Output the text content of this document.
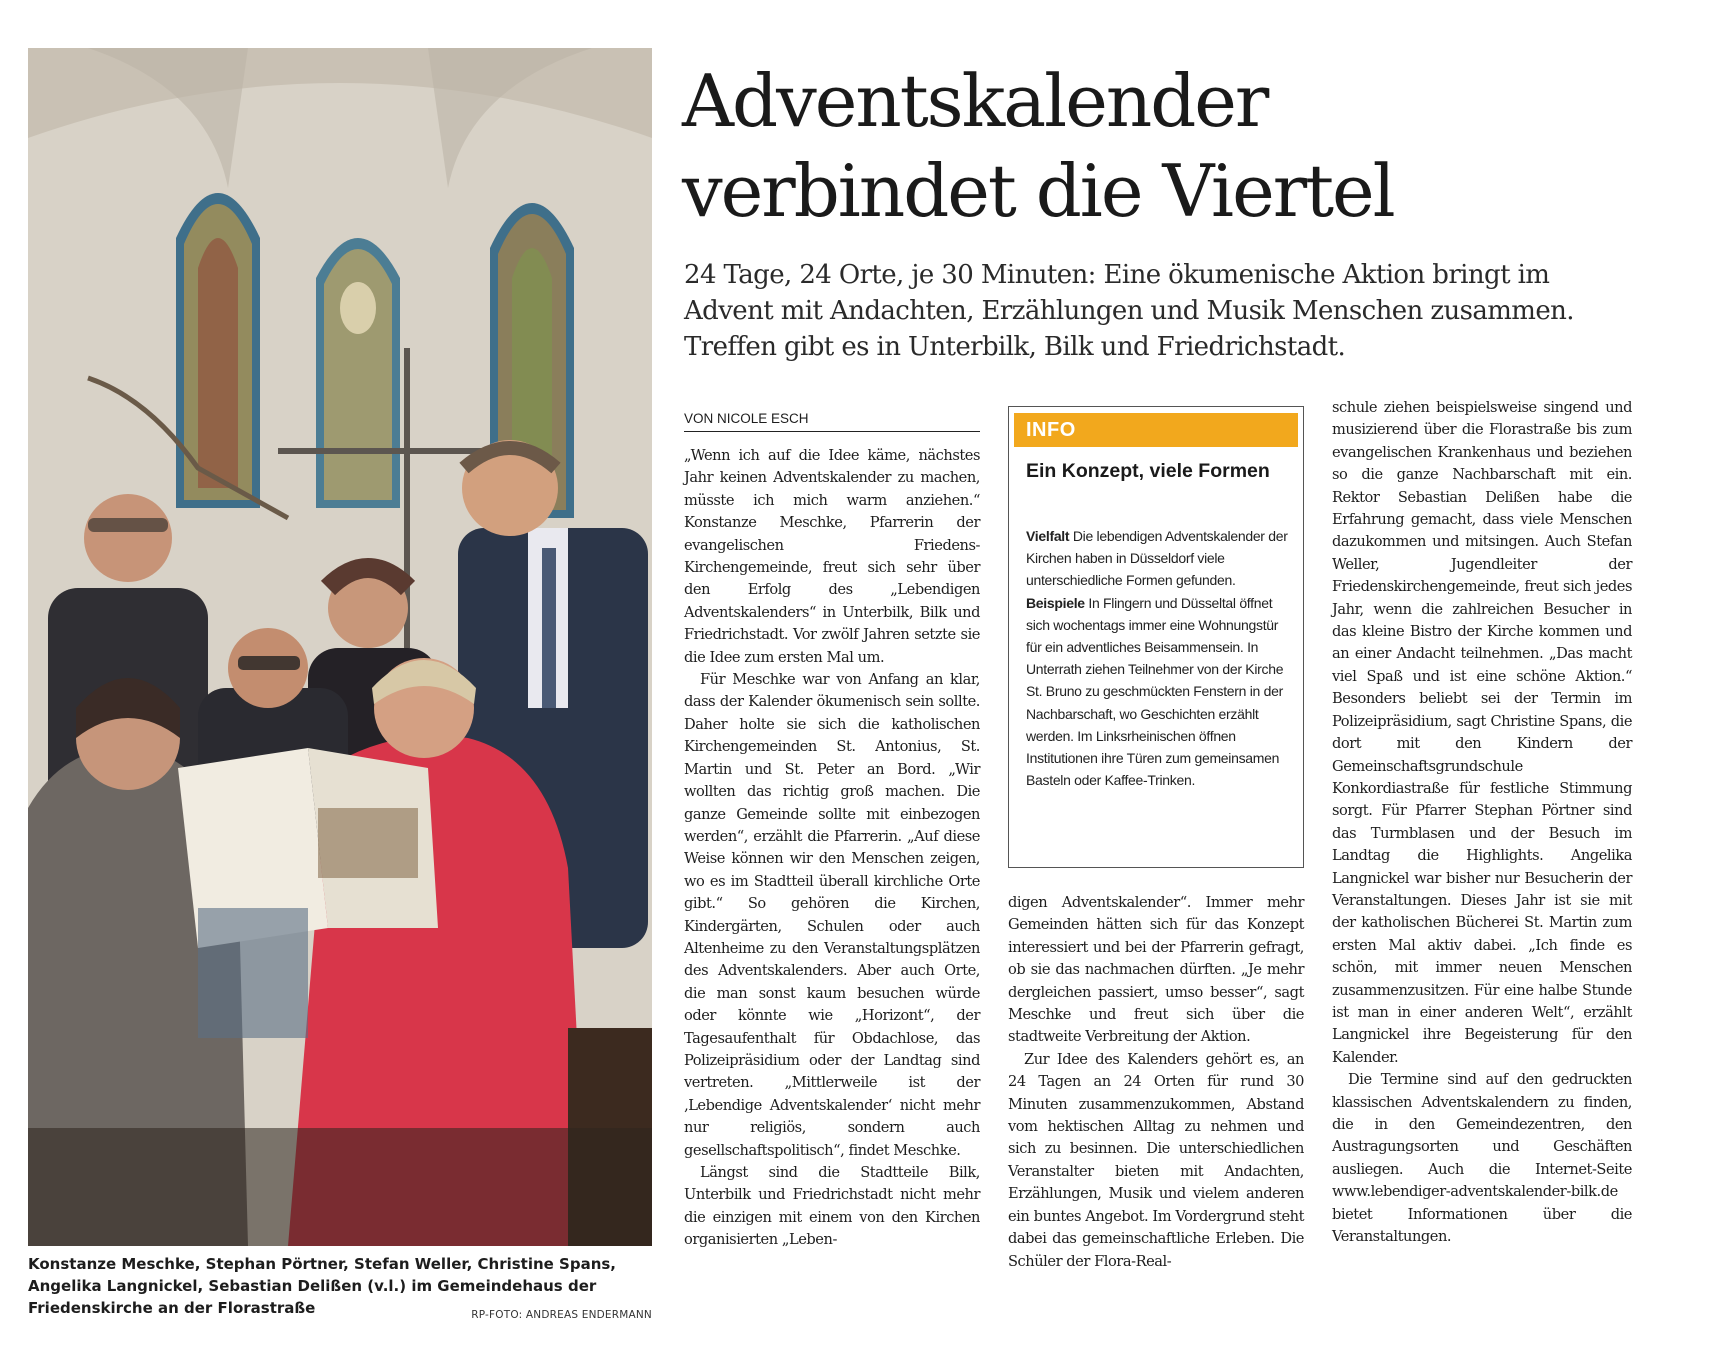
Konstanze Meschke, Stephan Pörtner, Stefan Weller, Christine Spans, Angelika Langnickel, Sebastian Delißen (v.l.) im Gemeindehaus der Friedenskirche an der Florastraße	RP-FOTO: ANDREAS ENDERMANN
Adventskalender
verbindet die Viertel
24 Tage, 24 Orte, je 30 Minuten: Eine ökumenische Aktion bringt im
Advent mit Andachten, Erzählungen und Musik Menschen zusammen.
Treffen gibt es in Unterbilk, Bilk und Friedrichstadt.
VON NICOLE ESCH

„Wenn ich auf die Idee käme, nächstes Jahr keinen Adventskalender zu machen, müsste ich mich warm anziehen.“ Konstanze Meschke, Pfarrerin der evangelischen Friedens-Kirchengemeinde, freut sich sehr über den Erfolg des „Lebendigen Adventskalenders“ in Unterbilk, Bilk und Friedrichstadt. Vor zwölf Jahren setzte sie die Idee zum ersten Mal um.

Für Meschke war von Anfang an klar, dass der Kalender ökumenisch sein sollte. Daher holte sie sich die katholischen Kirchengemeinden St. Antonius, St. Martin und St. Peter an Bord. „Wir wollten das richtig groß machen. Die ganze Gemeinde sollte mit einbezogen werden“, erzählt die Pfarrerin. „Auf diese Weise können wir den Menschen zeigen, wo es im Stadtteil überall kirchliche Orte gibt.“ So gehören die Kirchen, Kindergärten, Schulen oder auch Altenheime zu den Veranstaltungsplätzen des Adventskalenders. Aber auch Orte, die man sonst kaum besuchen würde oder könnte wie „Horizont“, der Tagesaufenthalt für Obdachlose, das Polizeipräsidium oder der Landtag sind vertreten. „Mittlerweile ist der ‚Lebendige Adventskalender‘ nicht mehr nur religiös, sondern auch gesellschaftspolitisch“, findet Meschke.

Längst sind die Stadtteile Bilk, Unterbilk und Friedrichstadt nicht mehr die einzigen mit einem von den Kirchen organisierten „Leben-

INFO
Ein Konzept, viele Formen
Vielfalt Die lebendigen Adventskalender der Kirchen haben in Düsseldorf viele unterschiedliche Formen gefunden.
Beispiele In Flingern und Düsseltal öffnet sich wochentags immer eine Wohnungstür für ein adventliches Beisammensein. In Unterrath ziehen Teilnehmer von der Kirche St. Bruno zu geschmückten Fenstern in der Nachbarschaft, wo Geschichten erzählt werden. Im Linksrheinischen öffnen Institutionen ihre Türen zum gemeinsamen Basteln oder Kaffee-Trinken.

digen Adventskalender“. Immer mehr Gemeinden hätten sich für das Konzept interessiert und bei der Pfarrerin gefragt, ob sie das nachmachen dürften. „Je mehr dergleichen passiert, umso besser“, sagt Meschke und freut sich über die stadtweite Verbreitung der Aktion.

Zur Idee des Kalenders gehört es, an 24 Tagen an 24 Orten für rund 30 Minuten zusammenzukommen, Abstand vom hektischen Alltag zu nehmen und sich zu besinnen. Die unterschiedlichen Veranstalter bieten mit Andachten, Erzählungen, Musik und vielem anderen ein buntes Angebot. Im Vordergrund steht dabei das gemeinschaftliche Erleben. Die Schüler der Flora-Real-

schule ziehen beispielsweise singend und musizierend über die Florastraße bis zum evangelischen Krankenhaus und beziehen so die ganze Nachbarschaft mit ein. Rektor Sebastian Delißen habe die Erfahrung gemacht, dass viele Menschen dazukommen und mitsingen. Auch Stefan Weller, Jugendleiter der Friedenskirchengemeinde, freut sich jedes Jahr, wenn die zahlreichen Besucher in das kleine Bistro der Kirche kommen und an einer Andacht teilnehmen. „Das macht viel Spaß und ist eine schöne Aktion.“ Besonders beliebt sei der Termin im Polizeipräsidium, sagt Christine Spans, die dort mit den Kindern der Gemeinschaftsgrundschule Konkordiastraße für festliche Stimmung sorgt. Für Pfarrer Stephan Pörtner sind das Turmblasen und der Besuch im Landtag die Highlights. Angelika Langnickel war bisher nur Besucherin der Veranstaltungen. Dieses Jahr ist sie mit der katholischen Bücherei St. Martin zum ersten Mal aktiv dabei. „Ich finde es schön, mit immer neuen Menschen zusammenzusitzen. Für eine halbe Stunde ist man in einer anderen Welt“, erzählt Langnickel ihre Begeisterung für den Kalender.

Die Termine sind auf den gedruckten klassischen Adventskalendern zu finden, die in den Gemeindezentren, den Austragungsorten und Geschäften ausliegen. Auch die Internet-Seite www.lebendiger-adventskalender-bilk.de bietet Informationen über die Veranstaltungen.
